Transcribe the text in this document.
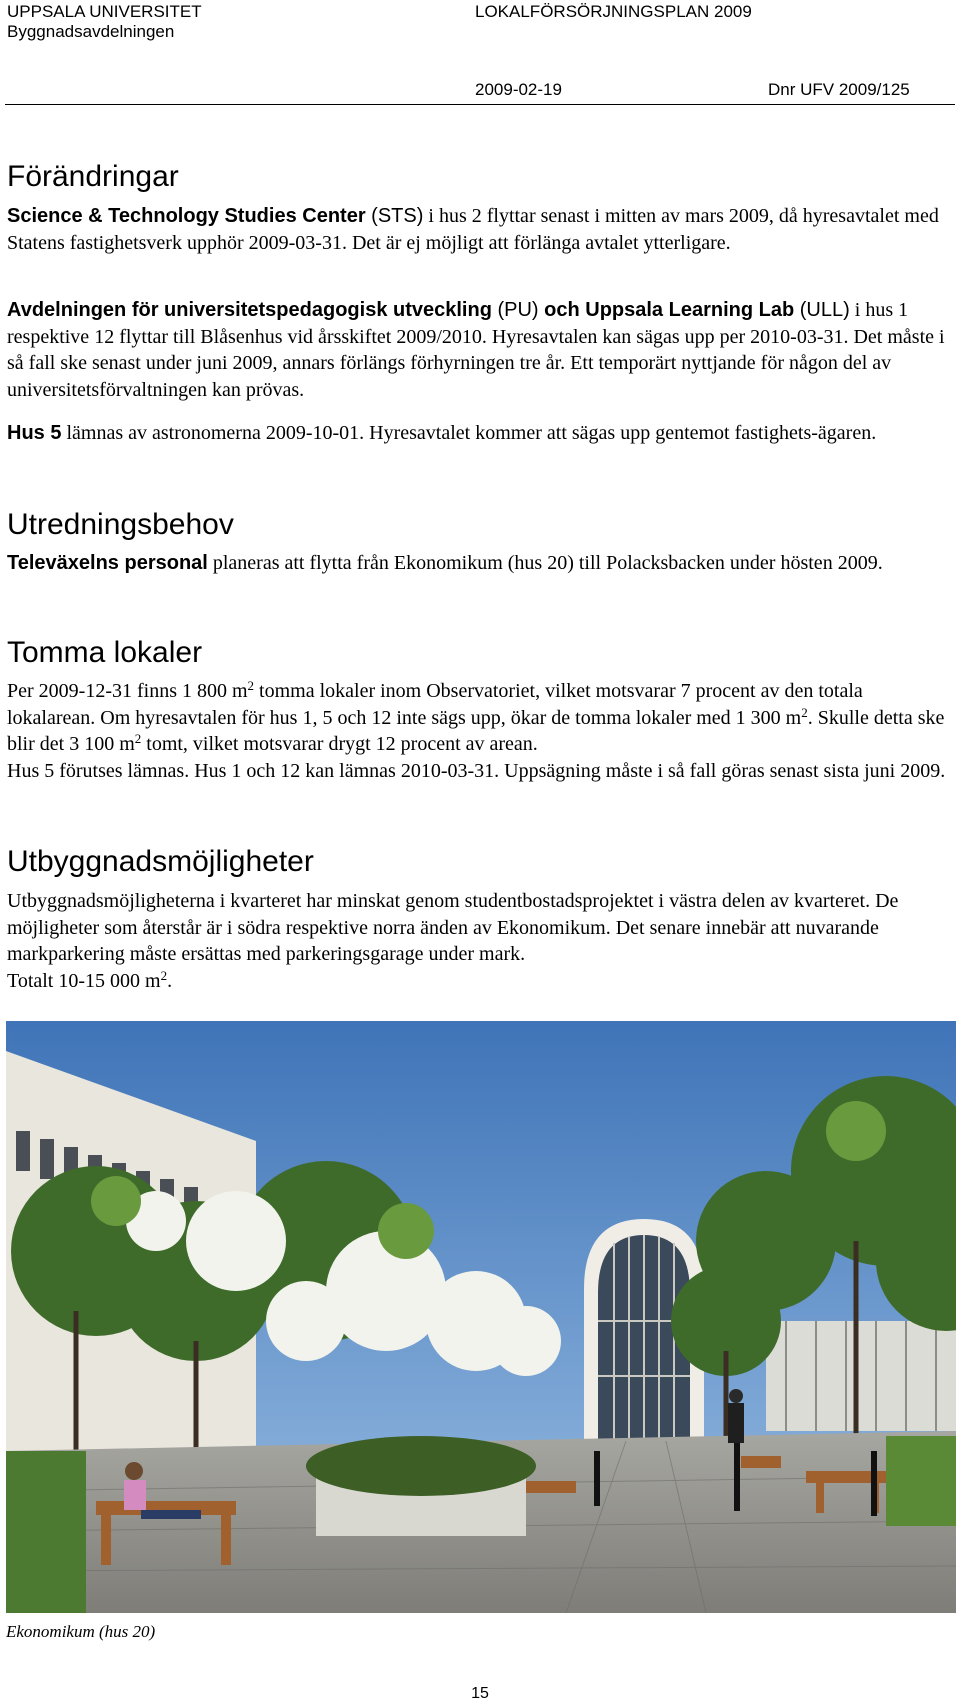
UPPSALA UNIVERSITET
Byggnadsavdelningen
LOKALFÖRSÖRJNINGSPLAN 2009
2009-02-19	Dnr UFV 2009/125
Förändringar

Science & Technology Studies Center (STS) i hus 2 flyttar senast i mitten av mars 2009, då hyresavtalet med Statens fastighetsverk upphör 2009-03-31. Det är ej möjligt att förlänga avtalet ytterligare.

Avdelningen för universitetspedagogisk utveckling (PU) och Uppsala Learning Lab (ULL) i hus 1 respektive 12 flyttar till Blåsenhus vid årsskiftet 2009/2010. Hyresavtalen kan sägas upp per 2010-03-31. Det måste i så fall ske senast under juni 2009, annars förlängs förhyrningen tre år. Ett temporärt nyttjande för någon del av universitetsförvaltningen kan prövas.

Hus 5 lämnas av astronomerna 2009-10-01. Hyresavtalet kommer att sägas upp gentemot fastighets-ägaren.

Utredningsbehov

Televäxelns personal planeras att flytta från Ekonomikum (hus 20) till Polacksbacken under hösten 2009.

Tomma lokaler

Per 2009-12-31 finns 1 800 $m^2$ tomma lokaler inom Observatoriet, vilket motsvarar 7 procent av den totala lokalarean. Om hyresavtalen för hus 1, 5 och 12 inte sägs upp, ökar de tomma lokaler med 1 300 $m^2$. Skulle detta ske blir det 3 100 $m^2$ tomt, vilket motsvarar drygt 12 procent av arean.
Hus 5 förutses lämnas. Hus 1 och 12 kan lämnas 2010-03-31. Uppsägning måste i så fall göras senast sista juni 2009.

Utbyggnadsmöjligheter

Utbyggnadsmöjligheterna i kvarteret har minskat genom studentbostadsprojektet i västra delen av kvarteret. De möjligheter som återstår är i södra respektive norra änden av Ekonomikum. Det senare innebär att nuvarande markparkering måste ersättas med parkeringsgarage under mark.
Totalt 10-15 000 $m^2$.

Ekonomikum (hus 20)
15
